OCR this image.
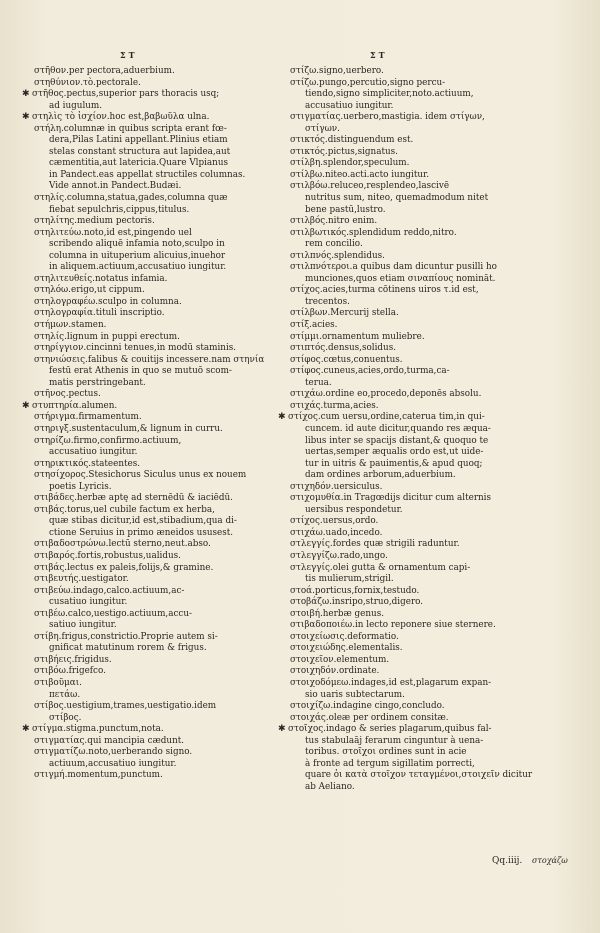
ΣΤ	ΣΤ
στῆθον.per pectora,aduerbium.
στηθύνιον.τὸ.pectorale.
✱ στῆθος.pectus,superior pars thoracis usq;
ad iugulum.
✱ στηλὶς τὸ ἰσχίον.hoc est,βαβωῦλα ulna.
στήλη.columnæ in quibus scripta erant fœ-
dera,Pilas Latini appellant.Plinius etiam
stelas constant structura aut lapidea,aut
cæmentitia,aut latericia.Quare Vlpianus
in Pandect.eas appellat structiles columnas.
Vide annot.in Pandect.Budæi.
στηλίς.columna,statua,gades,columna quæ
fiebat sepulchris,cippus,titulus.
στηλίτης.medium pectoris.
στηλιτεύω.noto,id est,pingendo uel
scribendo aliquē infamia noto,sculpo in
columna in uituperium alicuius,inuehor
in aliquem.actiuum,accusatiuo iungitur.
στηλιτευθείς.notatus infamia.
στηλόω.erigo,ut cippum.
στηλογραφέω.sculpo in columna.
στηλογραφία.tituli inscriptio.
στήμων.stamen.
στηλίς.lignum in puppi erectum.
στηρίγγιον.cincinni tenues,in modū staminis.
στηνιώσεις.falibus & couitijs incessere.nam στηνία
festū erat Athenis in quo se mutuō scom-
matis perstringebant.
στῆνος.pectus.
✱ στυπτηρία.alumen.
στήριγμα.firmamentum.
στηριγξ.sustentaculum,& lignum in curru.
στηρίζω.firmo,confirmo.actiuum,
accusatiuo iungitur.
στηρικτικός.stateentes.
στησίχορος.Stesichorus Siculus unus ex nouem
poetis Lyricis.
στιβάδες.herbæ aptę ad sternēdū & iaciēdū.
στιβάς.torus,uel cubile factum ex herba,
quæ stibas dicitur,id est,stibadium,qua di-
ctione Seruius in primo æneidos ususest.
στιβαδοστρώνω.lectū sterno,neut.abso.
στιβαρός.fortis,robustus,ualidus.
στιβάς.lectus ex paleis,folijs,& gramine.
στιβευτής.uestigator.
στιβεύω.indago,calco.actiuum,ac-
cusatiuo iungitur.
στιβέω.calco,uestigo.actiuum,accu-
satiuo iungitur.
στίβη.frigus,constrictio.Proprie autem si-
gnificat matutinum rorem & frigus.
στιβήεις.frigidus.
στιβόω.frigefco.
στιβοῦμαι.
πετάω.
στίβος.uestigium,trames,uestigatio.idem
στίβος.
✱ στίγμα.stigma.punctum,nota.
στιγματίας.qui mancipia cædunt.
στιγματίζω.noto,uerberando signo.
actiuum,accusatiuo iungitur.
στιγμή.momentum,punctum.
στίζω.signo,uerbero.
στίζω.pungo,percutio,signo percu-
tiendo,signo simpliciter,noto.actiuum,
accusatiuo iungitur.
στιγματίας.uerbero,mastigia. idem στίγων,
στίγων.
στικτός.distinguendum est.
στικτός.pictus,signatus.
στίλβη.splendor,speculum.
στίλβω.niteo.acti.acto iungitur.
στιλβόω.reluceo,resplendeo,lascivē
nutritus sum, niteo, quemadmodum nitet
bene pastū,lustro.
στιλβός.nitro enim.
στιλβωτικός.splendidum reddo,nitro.
rem concilio.
στιλπνός.splendidus.
στιλπνότεροι.a quibus dam dicuntur pusilli ho
munciones,quos etiam σιναπίους nomināt.
στίχος.acies,turma cōtinens uiros τ.id est,
trecentos.
στίλβων.Mercurij stella.
στίξ.acies.
στίμμι.ornamentum muliebre.
στιπτός.densus,solidus.
στίφος.cœtus,conuentus.
στίφος.cuneus,acies,ordo,turma,ca-
terua.
στιχάω.ordine eo,procedo,deponēs absolu.
στιχάς.turma,acies.
✱ στίχος.cum uersu,ordine,caterua tim,in qui-
cuncem. id aute dicitur,quando res æqua-
libus inter se spacijs distant,& quoquo te
uertas,semper æqualis ordo est,ut uide-
tur in uitris & pauimentis,& apud quoq;
dam ordines arborum,aduerbium.
στιχηδόν.uersiculus.
στιχομυθία.in Tragœdijs dicitur cum alternis
uersibus respondetur.
στίχος.uersus,ordo.
στιχάω.uado,incedo.
στλεγγίς.fordes quæ strigili raduntur.
στλεγγίζω.rado,ungo.
στλεγγίς.olei gutta & ornamentum capi-
tis mulierum,strigil.
στοά.porticus,fornix,testudo.
στοβάζω.insripo,struo,digero.
στοιβή.herbæ genus.
στιβαδοποιέω.in lecto reponere siue sternere.
στοιχείωσις.deformatio.
στοιχειώδης.elementalis.
στοιχεῖον.elementum.
στοιχηδόν.ordinate.
στοιχοδόμεω.indages,id est,plagarum expan-
sio uaris subtectarum.
στοιχίζω.indagine cingo,concludo.
στοιχάς.oleæ per ordinem consitæ.
✱ στοῖχος.indago & series plagarum,quibus fal-
tus stabulaāj ferarum cinguntur à uena-
toribus. στοῖχοι ordines sunt in acie
à fronte ad tergum sigillatim porrecti,
quare ὁι κατὰ στοῖχον τεταγμένοι,στοιχεῖν dicitur
ab Aeliano.
Qq.iiij. στοχάζω
